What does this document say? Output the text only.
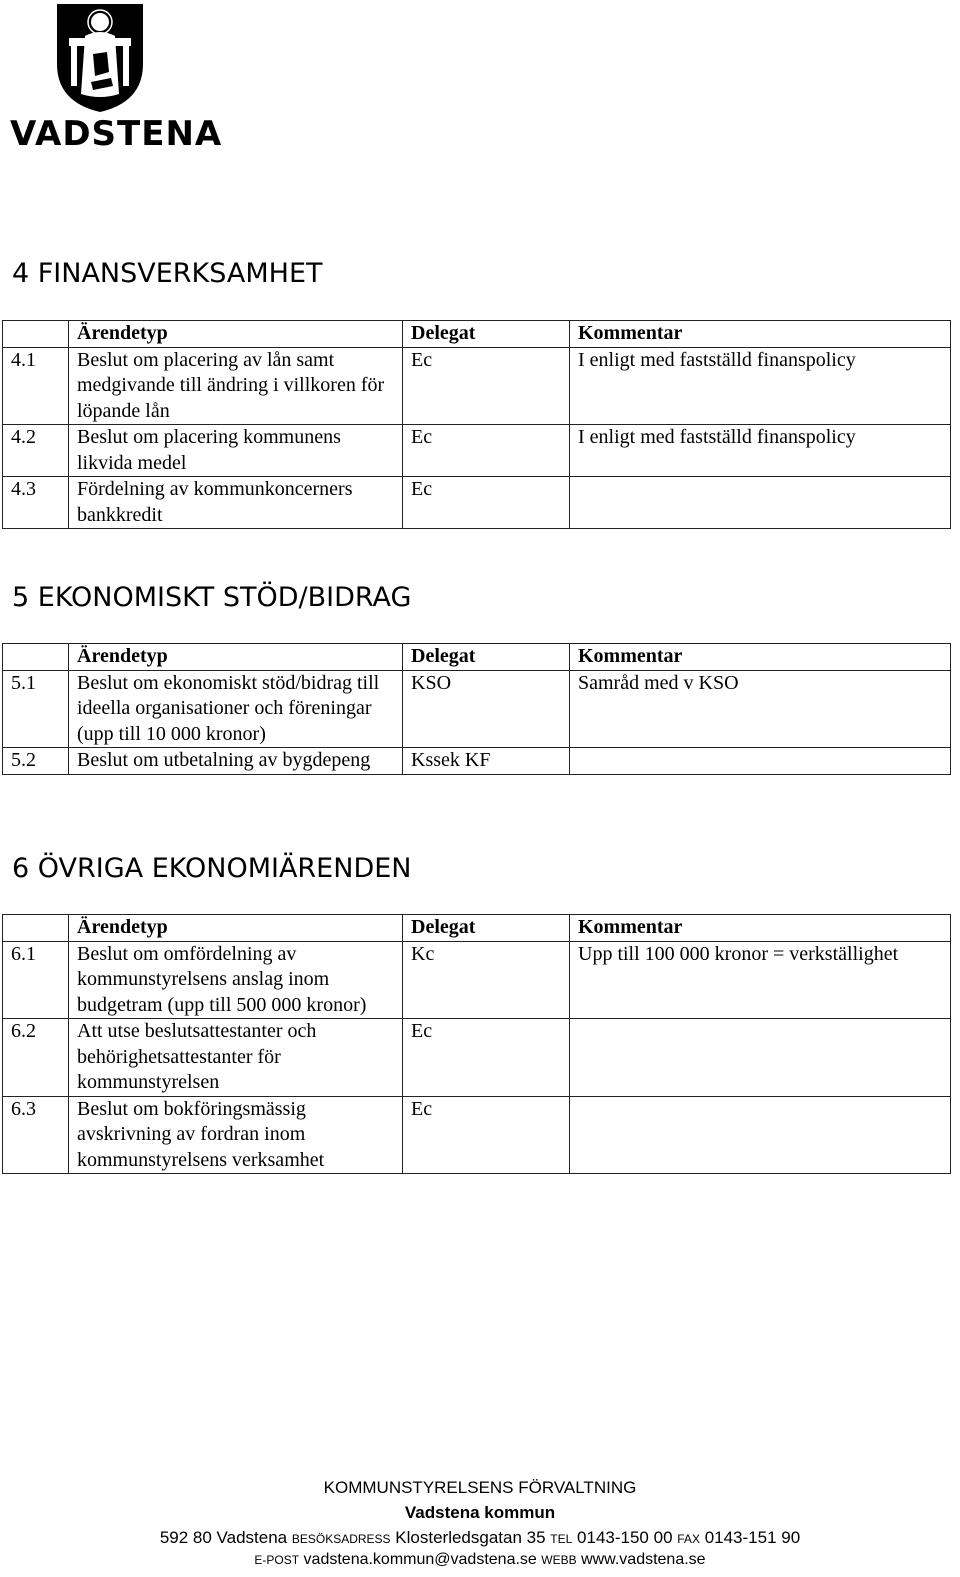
VADSTENA
4 FINANSVERKSAMHET
	Ärendetyp	Delegat	Kommentar
4.1	Beslut om placering av lån samt medgivande till ändring i villkoren för löpande lån	Ec	I enligt med fastställd finanspolicy
4.2	Beslut om placering kommunens likvida medel	Ec	I enligt med fastställd finanspolicy
4.3	Fördelning av kommunkoncerners bankkredit	Ec	
5 EKONOMISKT STÖD/BIDRAG
	Ärendetyp	Delegat	Kommentar
5.1	Beslut om ekonomiskt stöd/bidrag till ideella organisationer och föreningar (upp till 10 000 kronor)	KSO	Samråd med v KSO
5.2	Beslut om utbetalning av bygdepeng	Kssek KF	
6 ÖVRIGA EKONOMIÄRENDEN
	Ärendetyp	Delegat	Kommentar
6.1	Beslut om omfördelning av kommunstyrelsens anslag inom budgetram (upp till 500 000 kronor)	Kc	Upp till 100 000 kronor = verkställighet
6.2	Att utse beslutsattestanter och behörighetsattestanter för kommunstyrelsen	Ec	
6.3	Beslut om bokföringsmässig avskrivning av fordran inom kommunstyrelsens verksamhet	Ec	
KOMMUNSTYRELSENS FÖRVALTNING
Vadstena kommun
592 80 Vadstena BESÖKSADRESS Klosterledsgatan 35 TEL 0143-150 00 FAX 0143-151 90
E-POST vadstena.kommun@vadstena.se WEBB www.vadstena.se
